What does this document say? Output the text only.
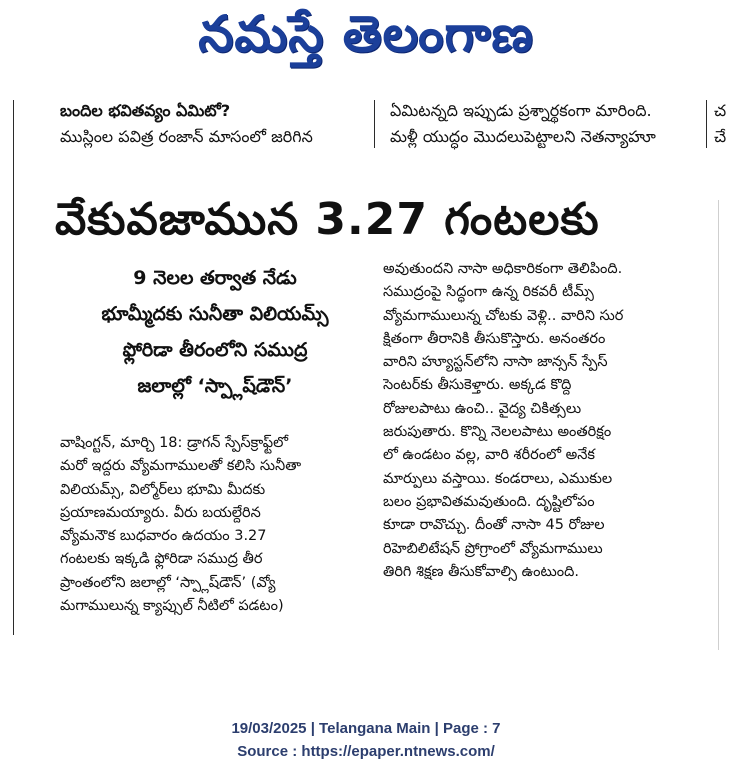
నమస్తే తెలంగాణ
బందిల భవితవ్యం ఏమిటో?
ముస్లింల పవిత్ర రంజాన్ మాసంలో జరిగిన
ఏమిటన్నది ఇప్పుడు ప్రశ్నార్థకంగా మారింది.
మళ్లీ యుద్ధం మొదలుపెట్టాలని నెతన్యాహూ
చ
చే
వేకువజామున 3.27 గంటలకు
9 నెలల తర్వాత నేడు
భూమ్మీదకు సునీతా విలియమ్స్
ఫ్లోరిడా తీరంలోని సముద్ర
జలాల్లో ‘స్ప్లాష్‌డౌన్’
వాషింగ్టన్, మార్చి 18: డ్రాగన్ స్పేస్‌క్రాఫ్ట్‌లో
మరో ఇద్దరు వ్యోమగాములతో కలిసి సునీతా
విలియమ్స్, విల్మోర్‌లు భూమి మీదకు
ప్రయాణమయ్యారు. వీరు బయల్దేరిన
వ్యోమనౌక బుధవారం ఉదయం 3.27
గంటలకు ఇక్కడి ఫ్లోరిడా సముద్ర తీర
ప్రాంతంలోని జలాల్లో ‘స్ప్లాష్‌డౌన్’ (వ్యో
మగాములున్న క్యాప్సుల్ నీటిలో పడటం)
అవుతుందని నాసా అధికారికంగా తెలిపింది.
సముద్రంపై సిద్ధంగా ఉన్న రికవరీ టీమ్స్
వ్యోమగాములున్న చోటకు వెళ్లి.. వారిని సుర
క్షితంగా తీరానికి తీసుకొస్తారు. అనంతరం
వారిని హ్యూస్టన్‌లోని నాసా జాన్సన్ స్పేస్
సెంటర్‌కు తీసుకెళ్తారు. అక్కడ కొద్ది
రోజులపాటు ఉంచి.. వైద్య చికిత్సలు
జరుపుతారు. కొన్ని నెలలపాటు అంతరిక్షం
లో ఉండటం వల్ల, వారి శరీరంలో అనేక
మార్పులు వస్తాయి. కండరాలు, ఎముకుల
బలం ప్రభావితమవుతుంది. దృష్టిలోపం
కూడా రావొచ్చు. దీంతో నాసా 45 రోజుల
రిహెబిలిటేషన్ ప్రోగ్రాంలో వ్యోమగాములు
తిరిగి శిక్షణ తీసుకోవాల్సి ఉంటుంది.
19/03/2025 | Telangana Main | Page : 7
Source : https://epaper.ntnews.com/
